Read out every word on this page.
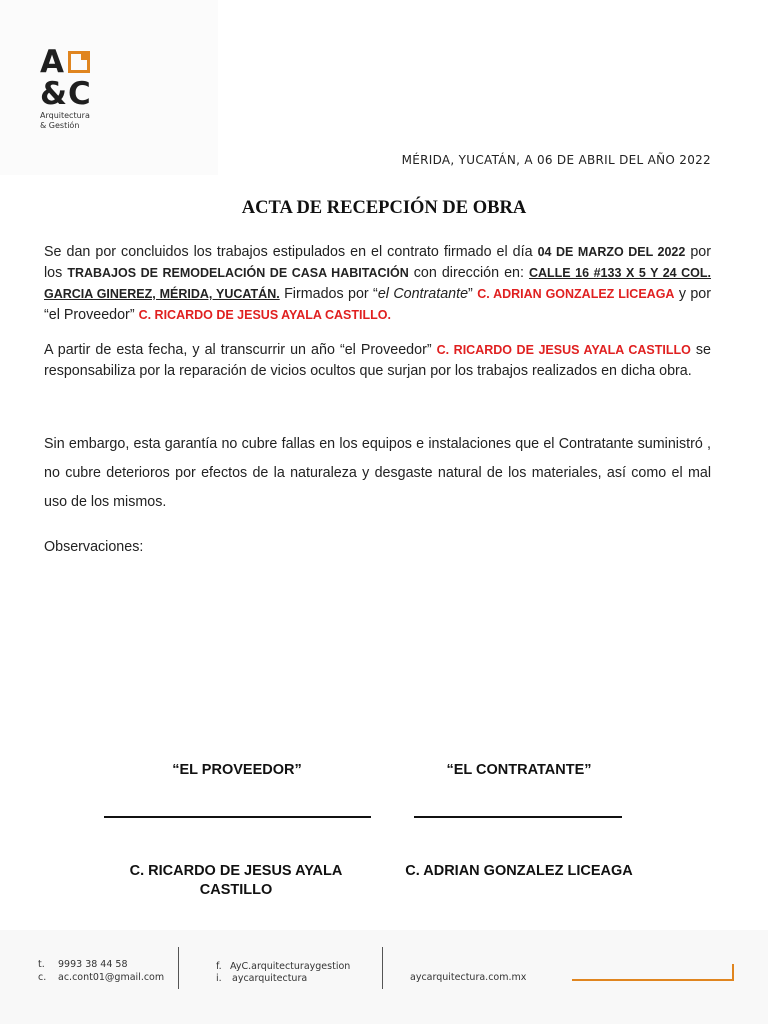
A
&C
Arquitectura
& Gestión
MÉRIDA, YUCATÁN, A 06 DE ABRIL DEL AÑO 2022
ACTA DE RECEPCIÓN DE OBRA
Se dan por concluidos los trabajos estipulados en el contrato firmado el día 04 DE MARZO DEL 2022 por los TRABAJOS DE REMODELACIÓN DE CASA HABITACIÓN con dirección en: CALLE 16 #133 X 5 Y 24 COL. GARCIA GINEREZ, MÉRIDA, YUCATÁN. Firmados por “el Contratante” C. ADRIAN GONZALEZ LICEAGA y por “el Proveedor” C. RICARDO DE JESUS AYALA CASTILLO.
A partir de esta fecha, y al transcurrir un año “el Proveedor” C. RICARDO DE JESUS AYALA CASTILLO se responsabiliza por la reparación de vicios ocultos que surjan por los trabajos realizados en dicha obra.
Sin embargo, esta garantía no cubre fallas en los equipos e instalaciones que el Contratante suministró , no cubre deterioros por efectos de la naturaleza y desgaste natural de los materiales, así como el mal uso de los mismos.
Observaciones:
“EL PROVEEDOR”	“EL CONTRATANTE”
C. RICARDO DE JESUS AYALA CASTILLO
C. ADRIAN GONZALEZ LICEAGA
t. 9993 38 44 58
c. ac.cont01@gmail.com
f. AyC.arquitecturaygestion
i. aycarquitectura	aycarquitectura.com.mx
